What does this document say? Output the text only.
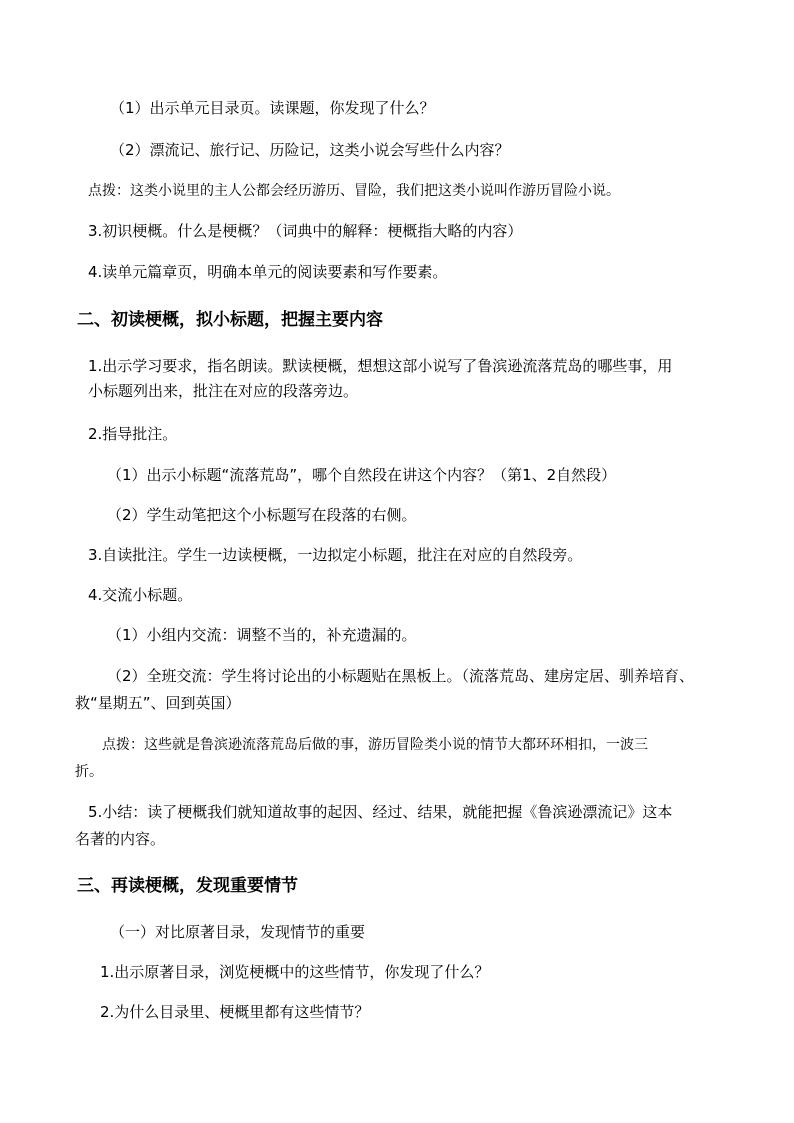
（1）出示单元目录页。读课题，你发现了什么？
（2）漂流记、旅行记、历险记，这类小说会写些什么内容？
点拨：这类小说里的主人公都会经历游历、冒险，我们把这类小说叫作游历冒险小说。
3.初识梗概。什么是梗概？（词典中的解释：梗概指大略的内容）
4.读单元篇章页，明确本单元的阅读要素和写作要素。
二、初读梗概，拟小标题，把握主要内容
1.出示学习要求，指名朗读。默读梗概，想想这部小说写了鲁滨逊流落荒岛的哪些事，用
小标题列出来，批注在对应的段落旁边。
2.指导批注。
（1）出示小标题“流落荒岛”，哪个自然段在讲这个内容？（第1、2自然段）
（2）学生动笔把这个小标题写在段落的右侧。
3.自读批注。学生一边读梗概，一边拟定小标题，批注在对应的自然段旁。
4.交流小标题。
（1）小组内交流：调整不当的，补充遗漏的。
（2）全班交流：学生将讨论出的小标题贴在黑板上。（流落荒岛、建房定居、驯养培育、
救“星期五”、回到英国）
点拨：这些就是鲁滨逊流落荒岛后做的事，游历冒险类小说的情节大都环环相扣，一波三
折。
5.小结：读了梗概我们就知道故事的起因、经过、结果，就能把握《鲁滨逊漂流记》这本
名著的内容。
三、再读梗概，发现重要情节
（一）对比原著目录，发现情节的重要
1.出示原著目录，浏览梗概中的这些情节，你发现了什么？
2.为什么目录里、梗概里都有这些情节？
